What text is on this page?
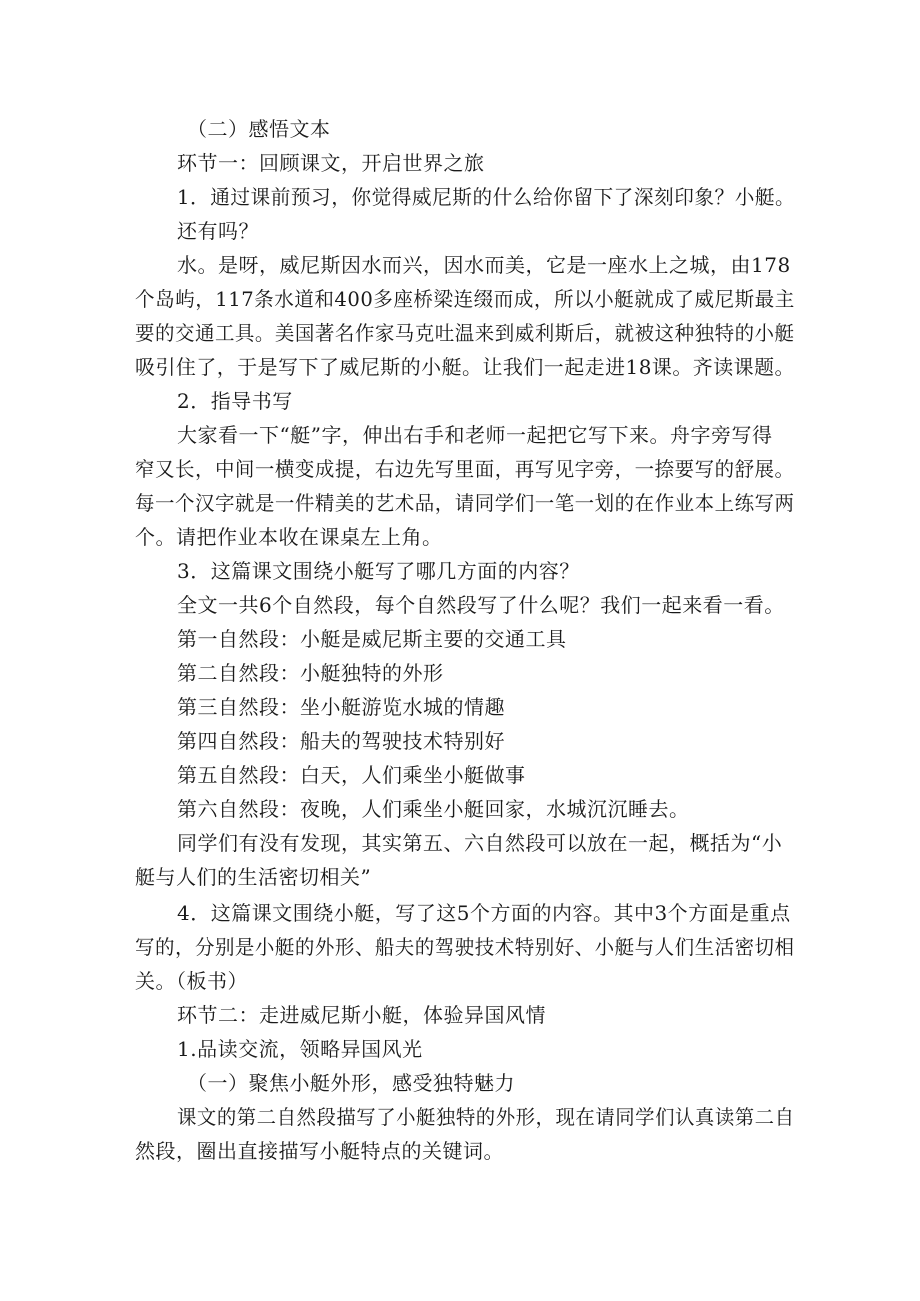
（二）感悟文本
环节一：回顾课文，开启世界之旅
1．通过课前预习，你觉得威尼斯的什么给你留下了深刻印象？小艇。
还有吗？
水。是呀，威尼斯因水而兴，因水而美，它是一座水上之城，由178
个岛屿，117条水道和400多座桥梁连缀而成，所以小艇就成了威尼斯最主
要的交通工具。美国著名作家马克吐温来到威利斯后，就被这种独特的小艇
吸引住了，于是写下了威尼斯的小艇。让我们一起走进18课。齐读课题。
2．指导书写
大家看一下“艇”字，伸出右手和老师一起把它写下来。舟字旁写得
窄又长，中间一横变成提，右边先写里面，再写见字旁，一捺要写的舒展。
每一个汉字就是一件精美的艺术品，请同学们一笔一划的在作业本上练写两
个。请把作业本收在课桌左上角。
3．这篇课文围绕小艇写了哪几方面的内容？
全文一共6个自然段，每个自然段写了什么呢？我们一起来看一看。
第一自然段：小艇是威尼斯主要的交通工具
第二自然段：小艇独特的外形
第三自然段：坐小艇游览水城的情趣
第四自然段：船夫的驾驶技术特别好
第五自然段：白天，人们乘坐小艇做事
第六自然段：夜晚，人们乘坐小艇回家，水城沉沉睡去。
同学们有没有发现，其实第五、六自然段可以放在一起，概括为“小
艇与人们的生活密切相关”
4．这篇课文围绕小艇，写了这5个方面的内容。其中3个方面是重点
写的，分别是小艇的外形、船夫的驾驶技术特别好、小艇与人们生活密切相
关。（板书）
环节二：走进威尼斯小艇，体验异国风情
1.品读交流，领略异国风光
（一）聚焦小艇外形，感受独特魅力
课文的第二自然段描写了小艇独特的外形，现在请同学们认真读第二自
然段，圈出直接描写小艇特点的关键词。
